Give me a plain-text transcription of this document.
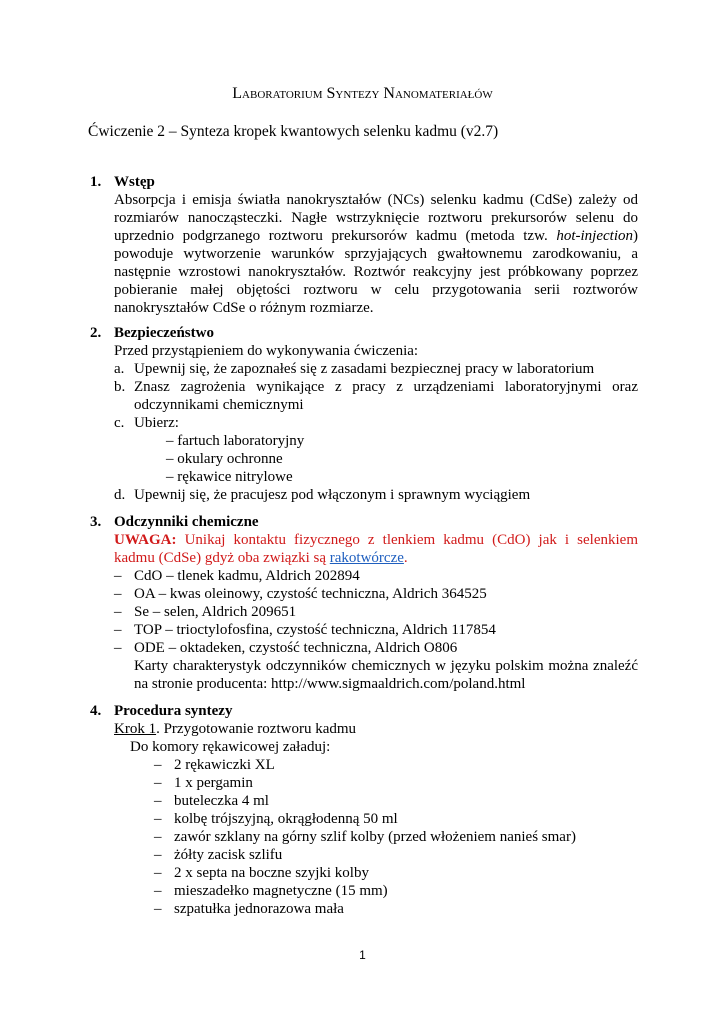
Laboratorium Syntezy Nanomateriałów
Ćwiczenie 2 – Synteza kropek kwantowych selenku kadmu (v2.7)
1. Wstęp
Absorpcja i emisja światła nanokryształów (NCs) selenku kadmu (CdSe) zależy od rozmiarów nanocząsteczki. Nagłe wstrzyknięcie roztworu prekursorów selenu do uprzednio podgrzanego roztworu prekursorów kadmu (metoda tzw. hot-injection) powoduje wytworzenie warunków sprzyjających gwałtownemu zarodkowaniu, a następnie wzrostowi nanokryształów. Roztwór reakcyjny jest próbkowany poprzez pobieranie małej objętości roztworu w celu przygotowania serii roztworów nanokryształów CdSe o różnym rozmiarze.
2. Bezpieczeństwo
Przed przystąpieniem do wykonywania ćwiczenia:
a. Upewnij się, że zapoznałeś się z zasadami bezpiecznej pracy w laboratorium
b. Znasz zagrożenia wynikające z pracy z urządzeniami laboratoryjnymi oraz odczynnikami chemicznymi
c. Ubierz:
– fartuch laboratoryjny
– okulary ochronne
– rękawice nitrylowe
d. Upewnij się, że pracujesz pod włączonym i sprawnym wyciągiem
3. Odczynniki chemiczne
UWAGA: Unikaj kontaktu fizycznego z tlenkiem kadmu (CdO) jak i selenkiem kadmu (CdSe) gdyż oba związki są rakotwórcze.
– CdO – tlenek kadmu, Aldrich 202894
– OA – kwas oleinowy, czystość techniczna, Aldrich 364525
– Se – selen, Aldrich 209651
– TOP – trioctylofosfina, czystość techniczna, Aldrich 117854
– ODE – oktadeken, czystość techniczna, Aldrich O806
Karty charakterystyk odczynników chemicznych w języku polskim można znaleźć na stronie producenta: http://www.sigmaaldrich.com/poland.html
4. Procedura syntezy
Krok 1. Przygotowanie roztworu kadmu
Do komory rękawicowej załaduj:
– 2 rękawiczki XL
– 1 x pergamin
– buteleczka 4 ml
– kolbę trójszyjną, okrągłodenną 50 ml
– zawór szklany na górny szlif kolby (przed włożeniem nanieś smar)
– żółty zacisk szlifu
– 2 x septa na boczne szyjki kolby
– mieszadełko magnetyczne (15 mm)
– szpatułka jednorazowa mała
1
